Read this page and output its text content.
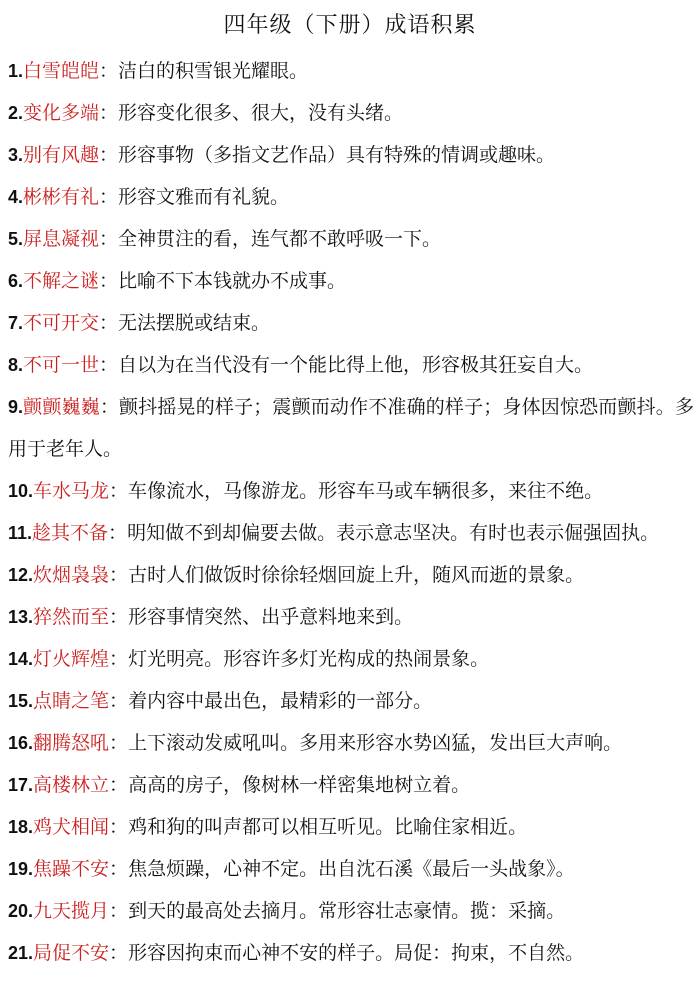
四年级（下册）成语积累

1.白雪皑皑：洁白的积雪银光耀眼。

2.变化多端：形容变化很多、很大，没有头绪。

3.别有风趣：形容事物（多指文艺作品）具有特殊的情调或趣味。

4.彬彬有礼：形容文雅而有礼貌。

5.屏息凝视：全神贯注的看，连气都不敢呼吸一下。

6.不解之谜：比喻不下本钱就办不成事。

7.不可开交：无法摆脱或结束。

8.不可一世：自以为在当代没有一个能比得上他，形容极其狂妄自大。

9.颤颤巍巍：颤抖摇晃的样子；震颤而动作不准确的样子；身体因惊恐而颤抖。多用于老年人。

10.车水马龙：车像流水，马像游龙。形容车马或车辆很多，来往不绝。

11.趁其不备：明知做不到却偏要去做。表示意志坚决。有时也表示倔强固执。

12.炊烟袅袅：古时人们做饭时徐徐轻烟回旋上升，随风而逝的景象。

13.猝然而至：形容事情突然、出乎意料地来到。

14.灯火辉煌：灯光明亮。形容许多灯光构成的热闹景象。

15.点睛之笔：着内容中最出色，最精彩的一部分。

16.翻腾怒吼：上下滚动发威吼叫。多用来形容水势凶猛，发出巨大声响。

17.高楼林立：高高的房子，像树林一样密集地树立着。

18.鸡犬相闻：鸡和狗的叫声都可以相互听见。比喻住家相近。

19.焦躁不安：焦急烦躁，心神不定。出自沈石溪《最后一头战象》。

20.九天揽月：到天的最高处去摘月。常形容壮志豪情。揽：采摘。

21.局促不安：形容因拘束而心神不安的样子。局促：拘束，不自然。
